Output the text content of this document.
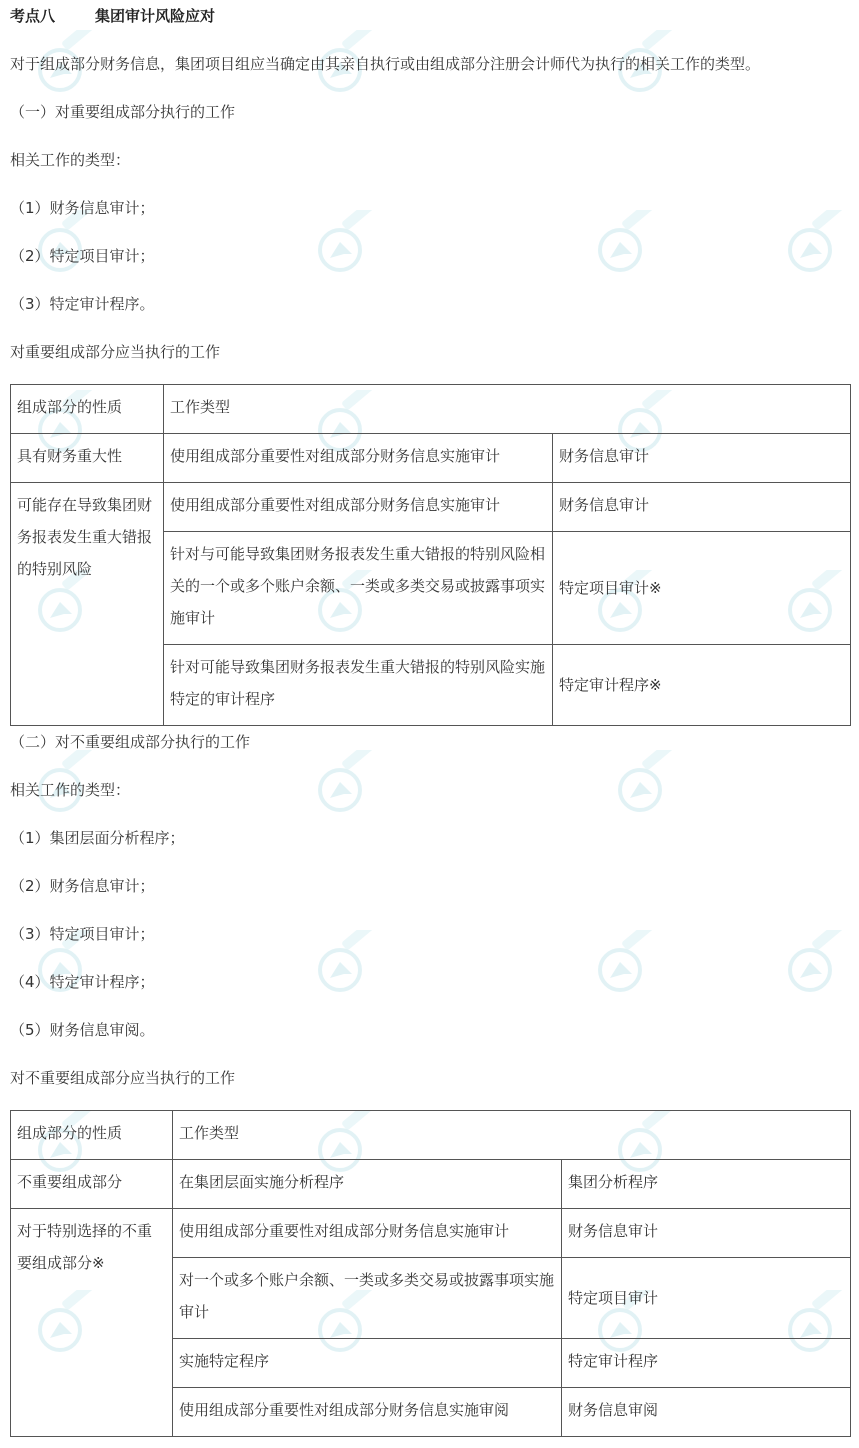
考点八	集团审计风险应对
对于组成部分财务信息，集团项目组应当确定由其亲自执行或由组成部分注册会计师代为执行的相关工作的类型。
（一）对重要组成部分执行的工作
相关工作的类型：
（1）财务信息审计；
（2）特定项目审计；
（3）特定审计程序。
对重要组成部分应当执行的工作
组成部分的性质	工作类型	
具有财务重大性	使用组成部分重要性对组成部分财务信息实施审计	财务信息审计
可能存在导致集团财务报表发生重大错报的特别风险	使用组成部分重要性对组成部分财务信息实施审计	财务信息审计
	针对与可能导致集团财务报表发生重大错报的特别风险相关的一个或多个账户余额、一类或多类交易或披露事项实施审计	特定项目审计※
	针对可能导致集团财务报表发生重大错报的特别风险实施特定的审计程序	特定审计程序※
（二）对不重要组成部分执行的工作
相关工作的类型：
（1）集团层面分析程序；
（2）财务信息审计；
（3）特定项目审计；
（4）特定审计程序；
（5）财务信息审阅。
对不重要组成部分应当执行的工作
组成部分的性质	工作类型	
不重要组成部分	在集团层面实施分析程序	集团分析程序
对于特别选择的不重要组成部分※	使用组成部分重要性对组成部分财务信息实施审计	财务信息审计
	对一个或多个账户余额、一类或多类交易或披露事项实施审计	特定项目审计
	实施特定程序	特定审计程序
	使用组成部分重要性对组成部分财务信息实施审阅	财务信息审阅
